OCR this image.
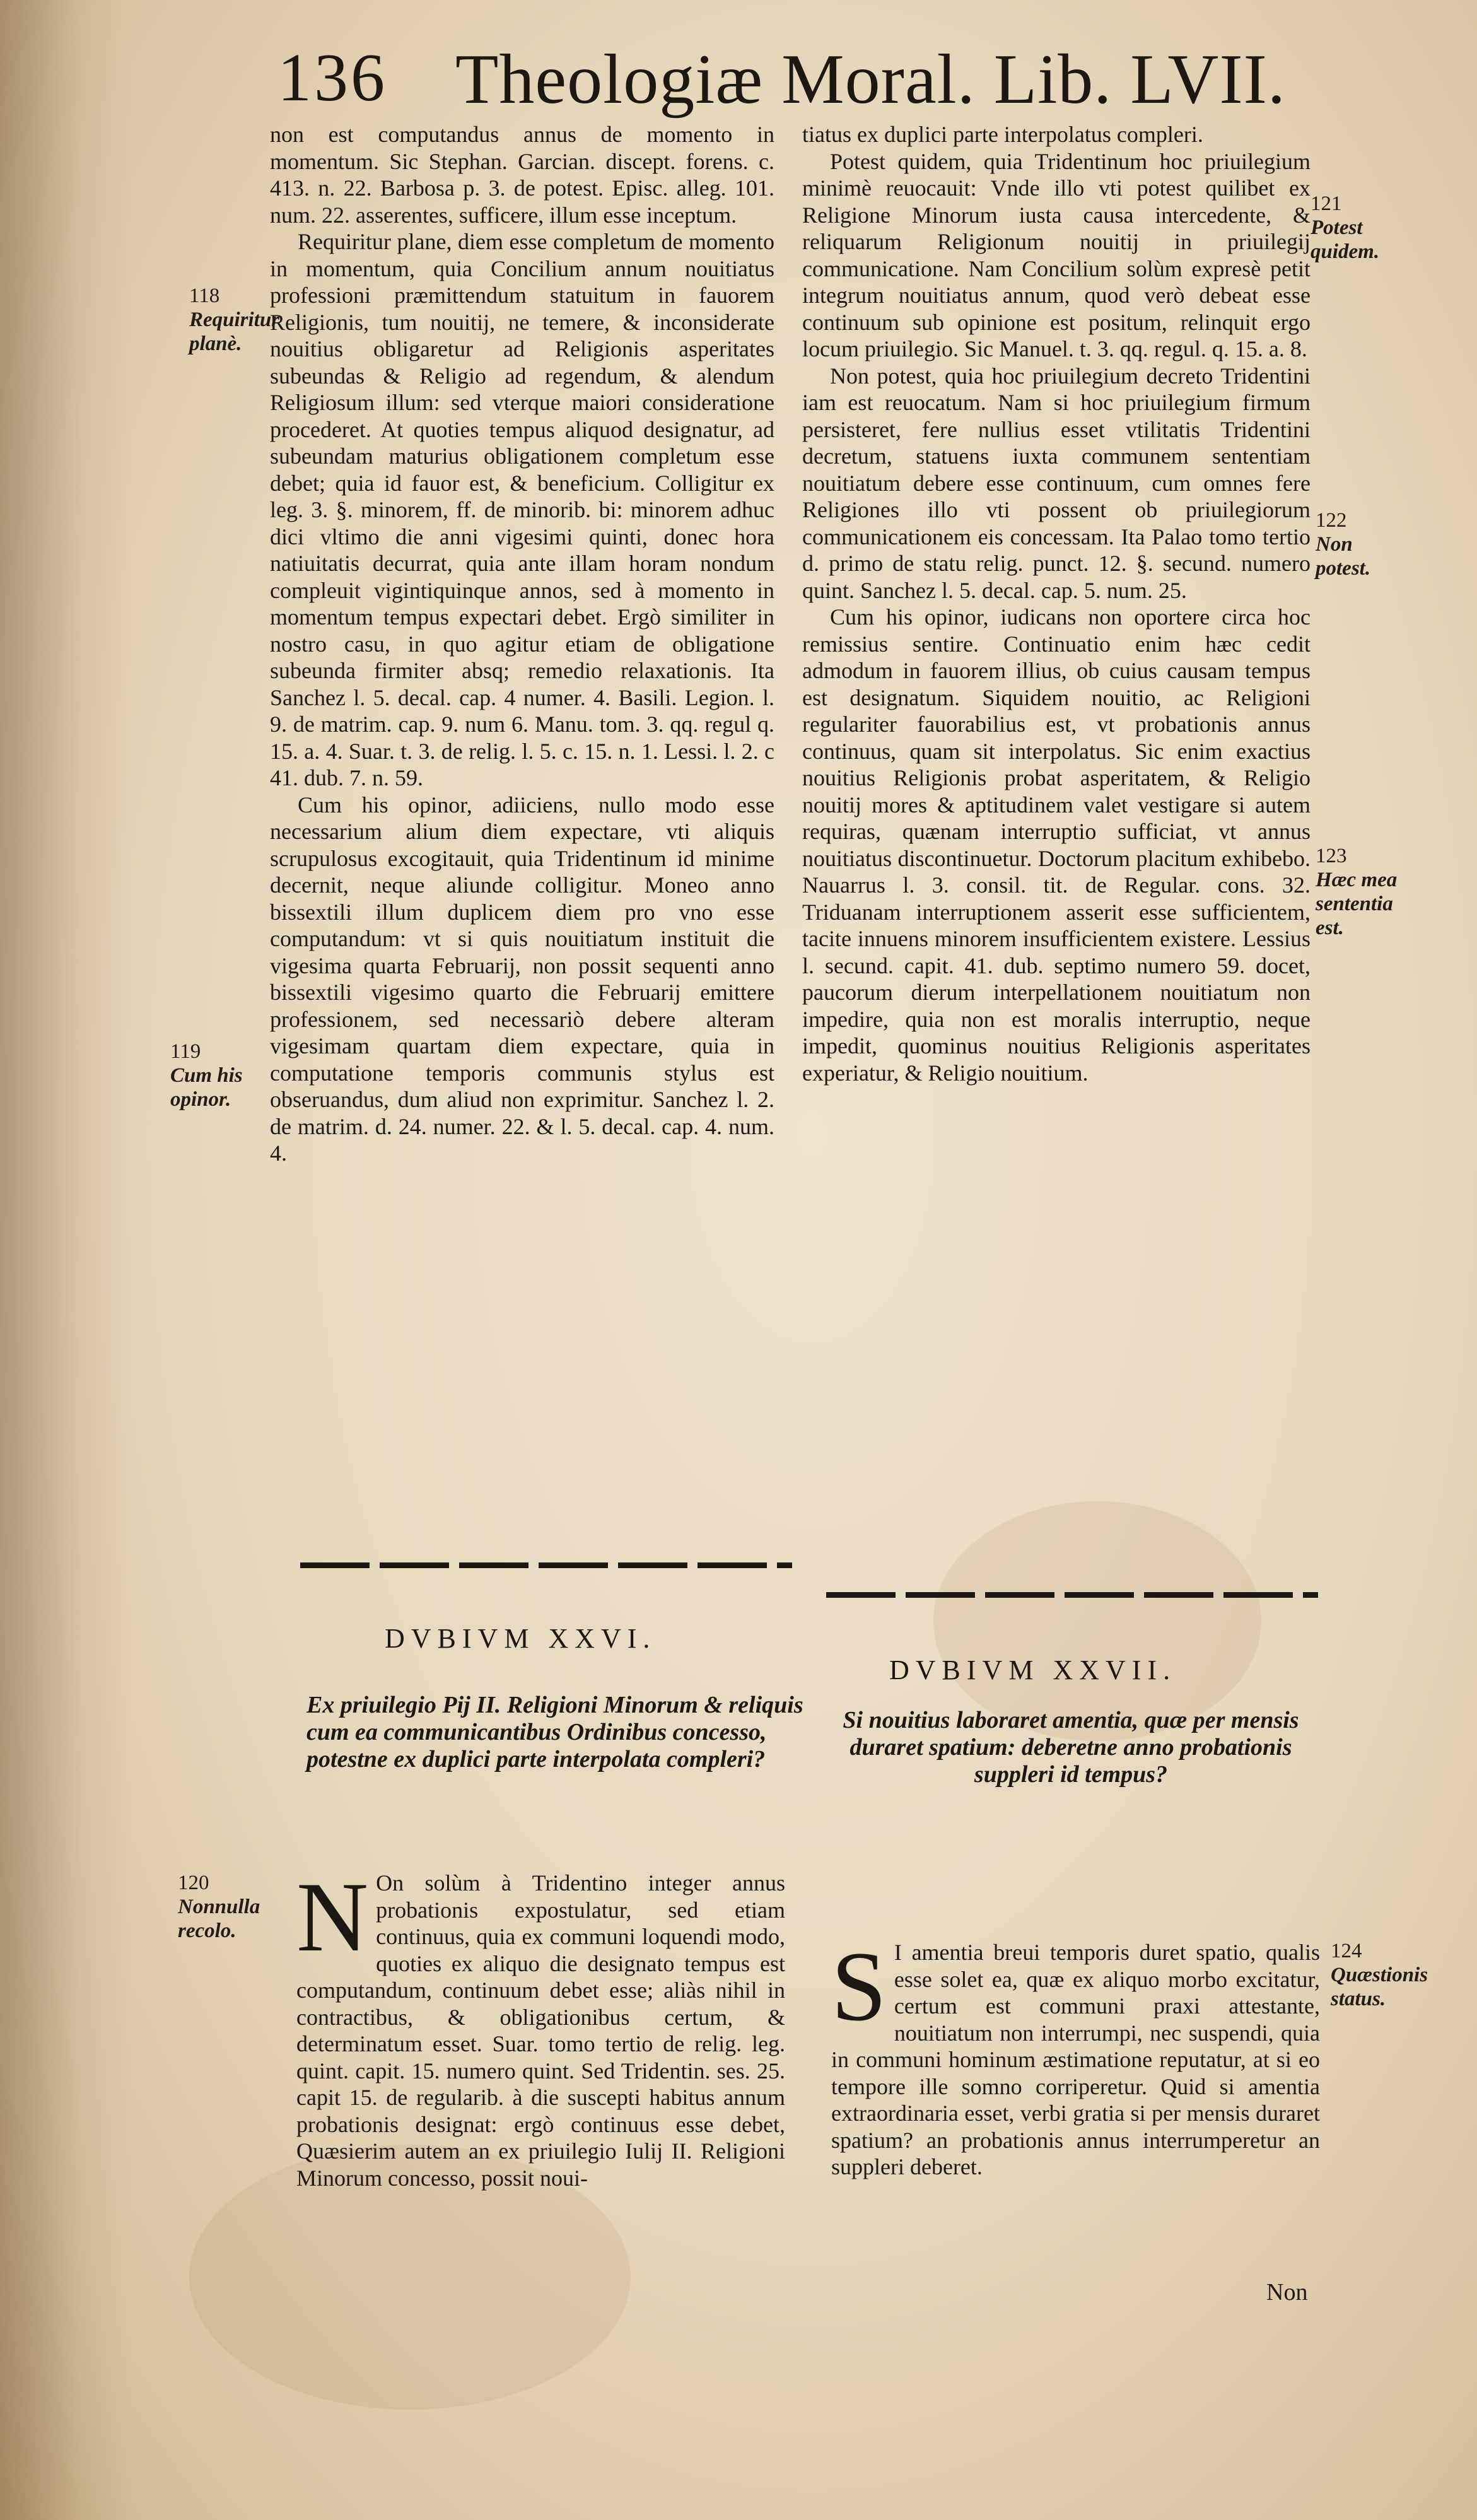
136 Theologiæ Moral. Lib. LVII.

non est computandus annus de momento in momentum. Sic Stephan. Garcian. discept. forens. c. 413. n. 22. Barbosa p. 3. de potest. Episc. alleg. 101. num. 22. asserentes, sufficere, illum esse inceptum.

Requiritur plane, diem esse completum de momento in momentum, quia Concilium annum nouitiatus professioni præmittendum statuitum in fauorem Religionis, tum nouitij, ne temere, & inconsiderate nouitius obligaretur ad Religionis asperitates subeundas & Religio ad regendum, & alendum Religiosum illum: sed vterque maiori consideratione procederet. At quoties tempus aliquod designatur, ad subeundam maturius obligationem completum esse debet; quia id fauor est, & beneficium. Colligitur ex leg. 3. §. minorem, ff. de minorib. bi: minorem adhuc dici vltimo die anni vigesimi quinti, donec hora natiuitatis decurrat, quia ante illam horam nondum compleuit vigintiquinque annos, sed à momento in momentum tempus expectari debet. Ergò similiter in nostro casu, in quo agitur etiam de obligatione subeunda firmiter absq; remedio relaxationis. Ita Sanchez l. 5. decal. cap. 4 numer. 4. Basili. Legion. l. 9. de matrim. cap. 9. num 6. Manu. tom. 3. qq. regul q. 15. a. 4. Suar. t. 3. de relig. l. 5. c. 15. n. 1. Lessi. l. 2. c 41. dub. 7. n. 59.

Cum his opinor, adiiciens, nullo modo esse necessarium alium diem expectare, vti aliquis scrupulosus excogitauit, quia Tridentinum id minime decernit, neque aliunde colligitur. Moneo anno bissextili illum duplicem diem pro vno esse computandum: vt si quis nouitiatum instituit die vigesima quarta Februarij, non possit sequenti anno bissextili vigesimo quarto die Februarij emittere professionem, sed necessariò debere alteram vigesimam quartam diem expectare, quia in computatione temporis communis stylus est obseruandus, dum aliud non exprimitur. Sanchez l. 2. de matrim. d. 24. numer. 22. & l. 5. decal. cap. 4. num. 4.

tiatus ex duplici parte interpolatus compleri.

Potest quidem, quia Tridentinum hoc priuilegium minimè reuocauit: Vnde illo vti potest quilibet ex Religione Minorum iusta causa intercedente, & reliquarum Religionum nouitij in priuilegij communicatione. Nam Concilium solùm expresè petit integrum nouitiatus annum, quod verò debeat esse continuum sub opinione est positum, relinquit ergo locum priuilegio. Sic Manuel. t. 3. qq. regul. q. 15. a. 8.

Non potest, quia hoc priuilegium decreto Tridentini iam est reuocatum. Nam si hoc priuilegium firmum persisteret, fere nullius esset vtilitatis Tridentini decretum, statuens iuxta communem sententiam nouitiatum debere esse continuum, cum omnes fere Religiones illo vti possent ob priuilegiorum communicationem eis concessam. Ita Palao tomo tertio d. primo de statu relig. punct. 12. §. secund. numero quint. Sanchez l. 5. decal. cap. 5. num. 25.

Cum his opinor, iudicans non oportere circa hoc remissius sentire. Continuatio enim hæc cedit admodum in fauorem illius, ob cuius causam tempus est designatum. Siquidem nouitio, ac Religioni regulariter fauorabilius est, vt probationis annus continuus, quam sit interpolatus. Sic enim exactius nouitius Religionis probat asperitatem, & Religio nouitij mores & aptitudinem valet vestigare si autem requiras, quænam interruptio sufficiat, vt annus nouitiatus discontinuetur. Doctorum placitum exhibebo. Nauarrus l. 3. consil. tit. de Regular. cons. 32. Triduanam interruptionem asserit esse sufficientem, tacite innuens minorem insufficientem existere. Lessius l. secund. capit. 41. dub. septimo numero 59. docet, paucorum dierum interpellationem nouitiatum non impedire, quia non est moralis interruptio, neque impedit, quominus nouitius Religionis asperitates experiatur, & Religio nouitium.

118
Requiritur planè.
119
Cum his opinor.
120
Nonnulla recolo.
121
Potest quidem.
122
Non potest.
123
Hæc mea sententia est.
124
Quæstionis status.
DVBIVM XXVI.
Ex priuilegio Pij II. Religioni Minorum & reliquis cum ea communicantibus Ordinibus concesso, potestne ex duplici parte interpolata compleri?
N On solùm à Tridentino integer annus probationis expostulatur, sed etiam continuus, quia ex communi loquendi modo, quoties ex aliquo die designato tempus est computandum, continuum debet esse; aliàs nihil in contractibus, & obligationibus certum, & determinatum esset. Suar. tomo tertio de relig. leg. quint. capit. 15. numero quint. Sed Tridentin. ses. 25. capit 15. de regularib. à die suscepti habitus annum probationis designat: ergò continuus esse debet, Quæsierim autem an ex priuilegio Iulij II. Religioni Minorum concesso, possit noui-
DVBIVM XXVII.
Si nouitius laboraret amentia, quæ per mensis duraret spatium: deberetne anno probationis suppleri id tempus?
S I amentia breui temporis duret spatio, qualis esse solet ea, quæ ex aliquo morbo excitatur, certum est communi praxi attestante, nouitiatum non interrumpi, nec suspendi, quia in communi hominum æstimatione reputatur, at si eo tempore ille somno corriperetur. Quid si amentia extraordinaria esset, verbi gratia si per mensis duraret spatium? an probationis annus interrumperetur an suppleri deberet.
Non
